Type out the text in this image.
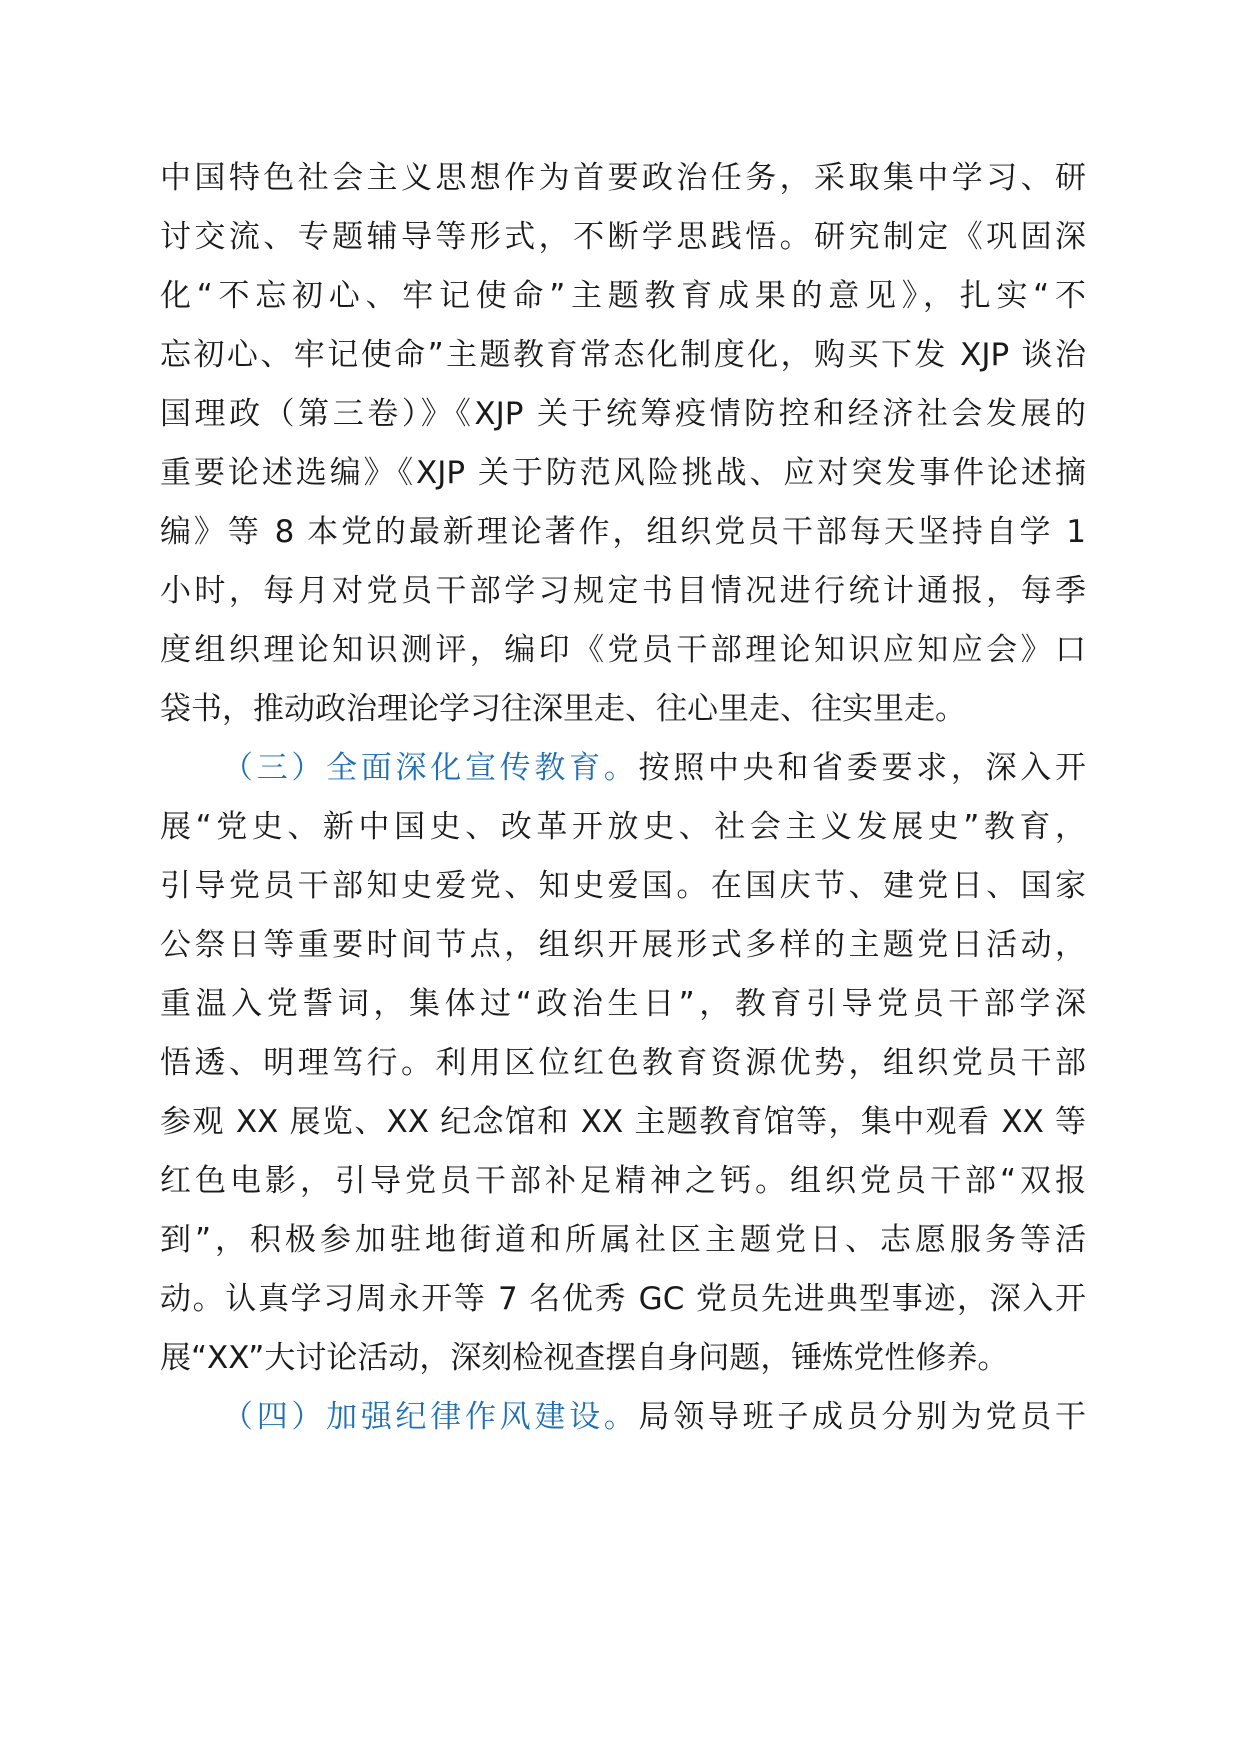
中国特色社会主义思想作为首要政治任务，采取集中学习、研
讨交流、专题辅导等形式，不断学思践悟。研究制定《巩固深
化“不忘初心、牢记使命”主题教育成果的意见》，扎实“不
忘初心、牢记使命”主题教育常态化制度化，购买下发 XJP 谈治
国理政（第三卷）》《XJP 关于统筹疫情防控和经济社会发展的
重要论述选编》《XJP 关于防范风险挑战、应对突发事件论述摘
编》等 8 本党的最新理论著作，组织党员干部每天坚持自学 1
小时，每月对党员干部学习规定书目情况进行统计通报，每季
度组织理论知识测评，编印《党员干部理论知识应知应会》口
袋书，推动政治理论学习往深里走、往心里走、往实里走。
（三）全面深化宣传教育。按照中央和省委要求，深入开
展“党史、新中国史、改革开放史、社会主义发展史”教育，
引导党员干部知史爱党、知史爱国。在国庆节、建党日、国家
公祭日等重要时间节点，组织开展形式多样的主题党日活动，
重温入党誓词，集体过“政治生日”，教育引导党员干部学深
悟透、明理笃行。利用区位红色教育资源优势，组织党员干部
参观 XX 展览、XX 纪念馆和 XX 主题教育馆等，集中观看 XX 等
红色电影，引导党员干部补足精神之钙。组织党员干部“双报
到”，积极参加驻地街道和所属社区主题党日、志愿服务等活
动。认真学习周永开等 7 名优秀 GC 党员先进典型事迹，深入开
展“XX”大讨论活动，深刻检视查摆自身问题，锤炼党性修养。
（四）加强纪律作风建设。局领导班子成员分别为党员干
